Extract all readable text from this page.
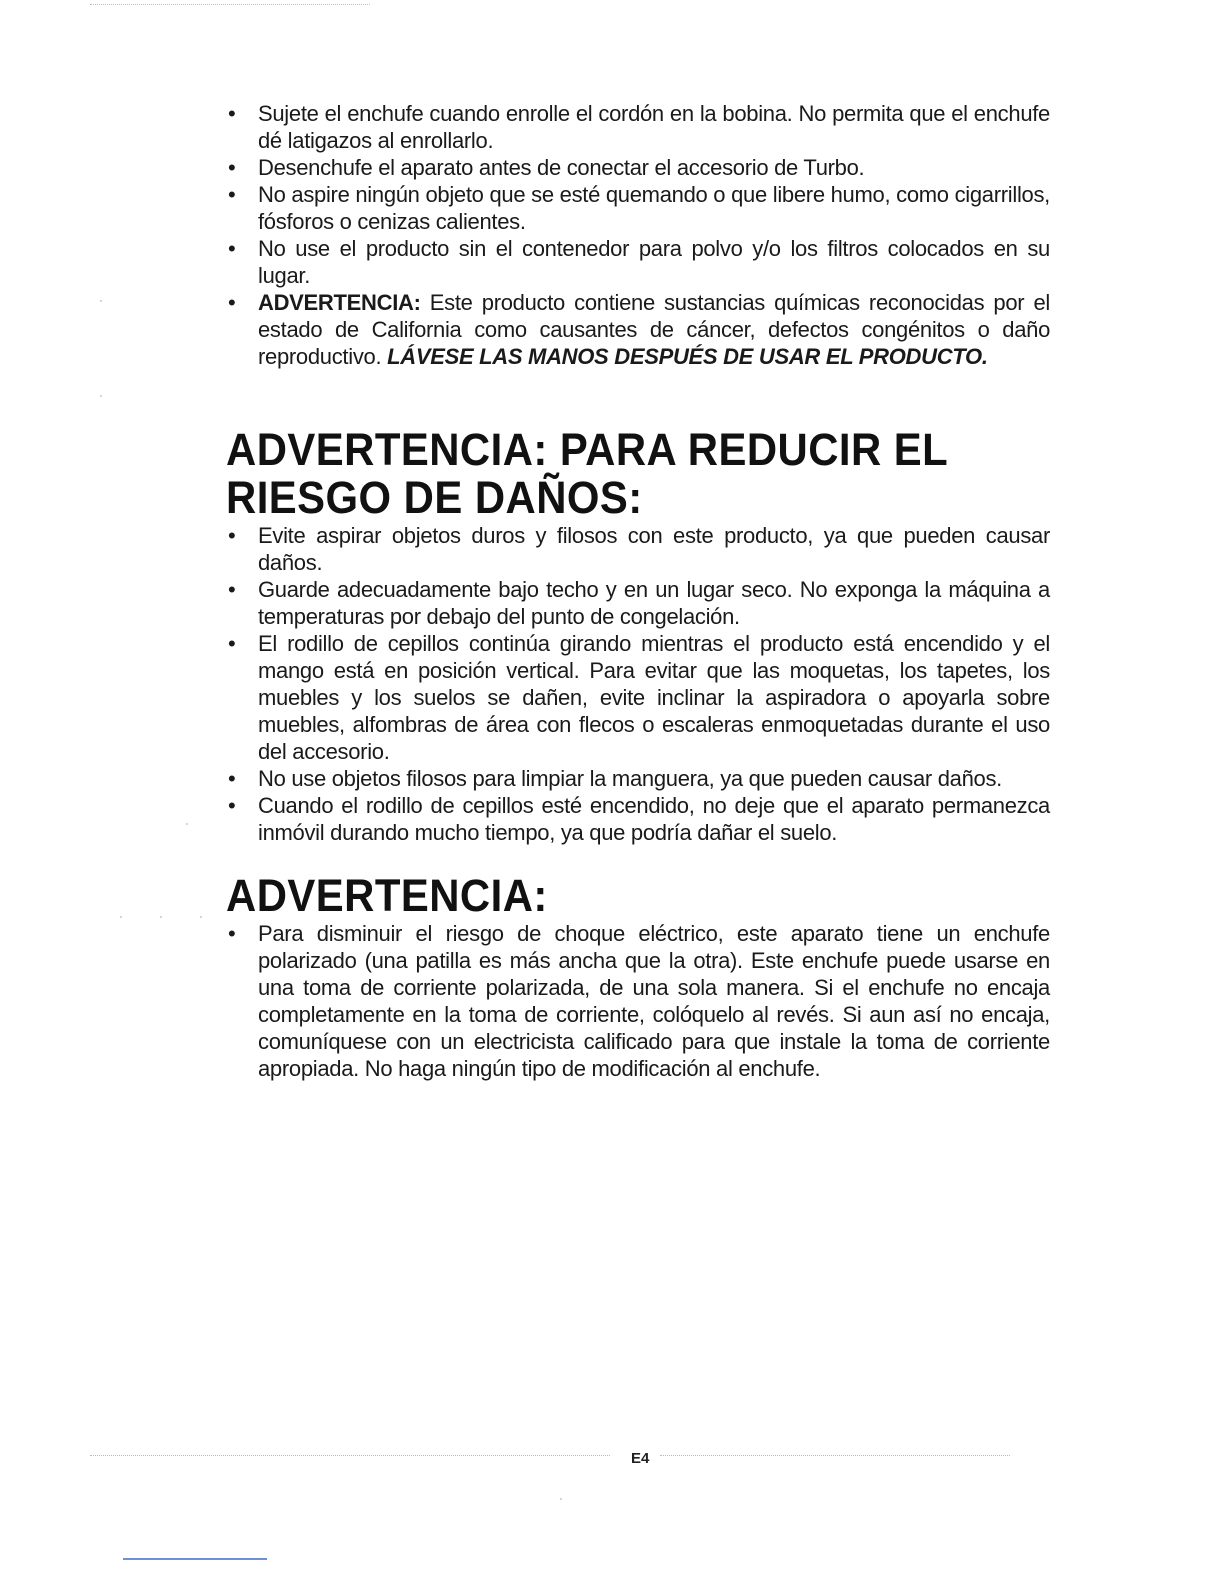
• Sujete el enchufe cuando enrolle el cordón en la bobina. No permita que el enchufe dé latigazos al enrollarlo.
• Desenchufe el aparato antes de conectar el accesorio de Turbo.
• No aspire ningún objeto que se esté quemando o que libere humo, como cigarrillos, fósforos o cenizas calientes.
• No use el producto sin el contenedor para polvo y/o los filtros colocados en su lugar.
• ADVERTENCIA: Este producto contiene sustancias químicas reconocidas por el estado de California como causantes de cáncer, defectos congénitos o daño reproductivo. LÁVESE LAS MANOS DESPUÉS DE USAR EL PRODUCTO.
ADVERTENCIA: PARA REDUCIR EL RIESGO DE DAÑOS:
• Evite aspirar objetos duros y filosos con este producto, ya que pueden causar daños.
• Guarde adecuadamente bajo techo y en un lugar seco. No exponga la máquina a temperaturas por debajo del punto de congelación.
• El rodillo de cepillos continúa girando mientras el producto está encendido y el mango está en posición vertical. Para evitar que las moquetas, los tapetes, los muebles y los suelos se dañen, evite inclinar la aspiradora o apoyarla sobre muebles, alfombras de área con flecos o escaleras enmoquetadas durante el uso del accesorio.
• No use objetos filosos para limpiar la manguera, ya que pueden causar daños.
• Cuando el rodillo de cepillos esté encendido, no deje que el aparato permanezca inmóvil durando mucho tiempo, ya que podría dañar el suelo.
ADVERTENCIA:
• Para disminuir el riesgo de choque eléctrico, este aparato tiene un enchufe polarizado (una patilla es más ancha que la otra). Este enchufe puede usarse en una toma de corriente polarizada, de una sola manera. Si el enchufe no encaja completamente en la toma de corriente, colóquelo al revés. Si aun así no encaja, comuníquese con un electricista calificado para que instale la toma de corriente apropiada. No haga ningún tipo de modificación al enchufe.
E4
